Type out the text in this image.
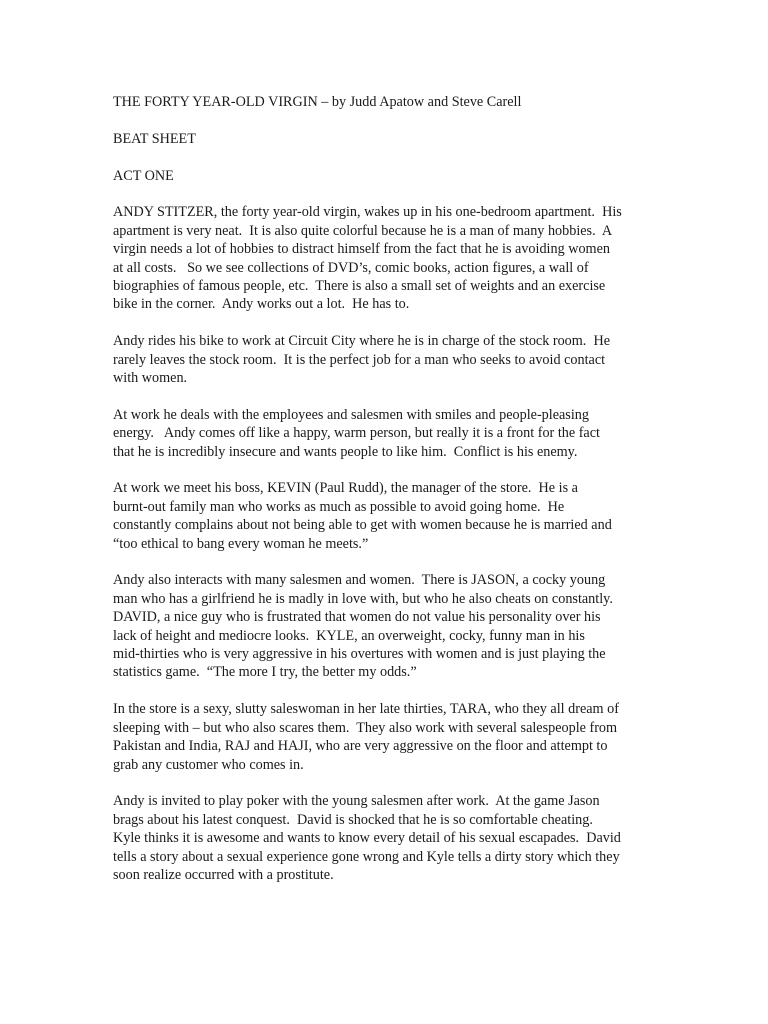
THE FORTY YEAR-OLD VIRGIN – by Judd Apatow and Steve Carell

BEAT SHEET

ACT ONE

ANDY STITZER, the forty year-old virgin, wakes up in his one-bedroom apartment.  His
apartment is very neat.  It is also quite colorful because he is a man of many hobbies.  A
virgin needs a lot of hobbies to distract himself from the fact that he is avoiding women
at all costs.   So we see collections of DVD’s, comic books, action figures, a wall of
biographies of famous people, etc.  There is also a small set of weights and an exercise
bike in the corner.  Andy works out a lot.  He has to.

Andy rides his bike to work at Circuit City where he is in charge of the stock room.  He
rarely leaves the stock room.  It is the perfect job for a man who seeks to avoid contact
with women.

At work he deals with the employees and salesmen with smiles and people-pleasing
energy.   Andy comes off like a happy, warm person, but really it is a front for the fact
that he is incredibly insecure and wants people to like him.  Conflict is his enemy.

At work we meet his boss, KEVIN (Paul Rudd), the manager of the store.  He is a
burnt-out family man who works as much as possible to avoid going home.  He
constantly complains about not being able to get with women because he is married and
“too ethical to bang every woman he meets.”

Andy also interacts with many salesmen and women.  There is JASON, a cocky young
man who has a girlfriend he is madly in love with, but who he also cheats on constantly.
DAVID, a nice guy who is frustrated that women do not value his personality over his
lack of height and mediocre looks.  KYLE, an overweight, cocky, funny man in his
mid-thirties who is very aggressive in his overtures with women and is just playing the
statistics game.  “The more I try, the better my odds.”

In the store is a sexy, slutty saleswoman in her late thirties, TARA, who they all dream of
sleeping with – but who also scares them.  They also work with several salespeople from
Pakistan and India, RAJ and HAJI, who are very aggressive on the floor and attempt to
grab any customer who comes in.

Andy is invited to play poker with the young salesmen after work.  At the game Jason
brags about his latest conquest.  David is shocked that he is so comfortable cheating.
Kyle thinks it is awesome and wants to know every detail of his sexual escapades.  David
tells a story about a sexual experience gone wrong and Kyle tells a dirty story which they
soon realize occurred with a prostitute.
